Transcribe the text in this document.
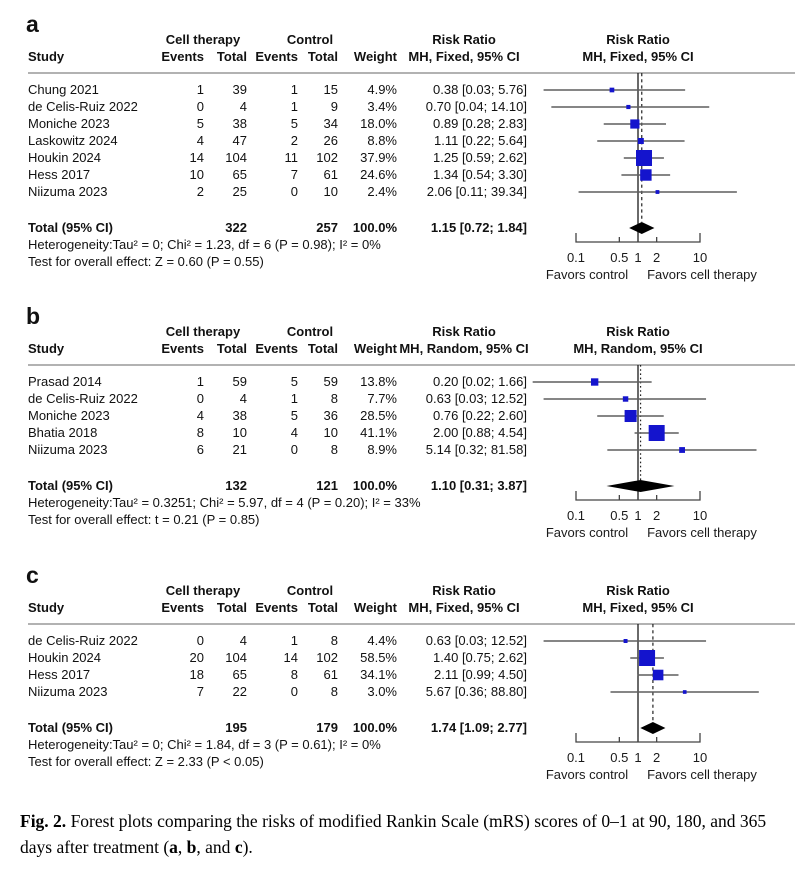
a
Cell therapy	Control	Risk Ratio	Risk Ratio
Study	Events Total Events Total Weight MH, Fixed, 95% CI	MH, Fixed, 95% CI
Chung 2021	1 39	1 15 4.9%	0.38 [0.03; 5.76]
de Celis-Ruiz 2022	0	4	1	9 3.4% 0.70 [0.04; 14.10]
Moniche 2023	5 38	5 34 18.0%	0.89 [0.28; 2.83]
Laskowitz 2024	4 47	2 26 8.8%	1.11 [0.22; 5.64]
Houkin 2024	14 104	11 102 37.9%	1.25 [0.59; 2.62]
Hess 2017	10 65	7 61 24.6%	1.34 [0.54; 3.30]
Niizuma 2023	2 25	0 10 2.4% 2.06 [0.11; 39.34]
Total (95% CI)	322	257 100.0%	1.15 [0.72; 1.84]
Heterogeneity:Tau² = 0; Chi² = 1.23, df = 6 (P = 0.98); I² = 0%
Test for overall effect: Z = 0.60 (P = 0.55)	0.1 0.5 1 2 10
Favors control Favors cell therapy
b
Cell therapy	Control	Risk Ratio	Risk Ratio
Study	Events Total Events Total Weight MH, Random, 95% CI	MH, Random, 95% CI
Prasad 2014	1 59	5 59 13.8%	0.20 [0.02; 1.66]
de Celis-Ruiz 2022	0	4	1	8 7.7% 0.63 [0.03; 12.52]
Moniche 2023	4 38	5 36 28.5%	0.76 [0.22; 2.60]
Bhatia 2018	8 10	4 10 41.1%	2.00 [0.88; 4.54]
Niizuma 2023	6 21	0	8 8.9% 5.14 [0.32; 81.58]
Total (95% CI)	132	121 100.0%	1.10 [0.31; 3.87]
Heterogeneity:Tau² = 0.3251; Chi² = 5.97, df = 4 (P = 0.20); I² = 33%
Test for overall effect: t = 0.21 (P = 0.85)	0.1 0.5 1 2 10
Favors control Favors cell therapy
c
Cell therapy	Control	Risk Ratio	Risk Ratio
Study	Events Total Events Total Weight MH, Fixed, 95% CI	MH, Fixed, 95% CI
de Celis-Ruiz 2022	0	4	1	8 4.4% 0.63 [0.03; 12.52]
Houkin 2024	20 104	14 102 58.5%	1.40 [0.75; 2.62]
Hess 2017	18 65	8 61 34.1%	2.11 [0.99; 4.50]
Niizuma 2023	7 22	0	8 3.0% 5.67 [0.36; 88.80]
Total (95% CI)	195	179 100.0%	1.74 [1.09; 2.77]
Heterogeneity:Tau² = 0; Chi² = 1.84, df = 3 (P = 0.61); I² = 0%
Test for overall effect: Z = 2.33 (P < 0.05)	0.1 0.5 1 2 10
Favors control Favors cell therapy

Fig. 2. Forest plots comparing the risks of modified Rankin Scale (mRS) scores of 0–1 at 90, 180, and 365 days after treatment (a, b, and c).
